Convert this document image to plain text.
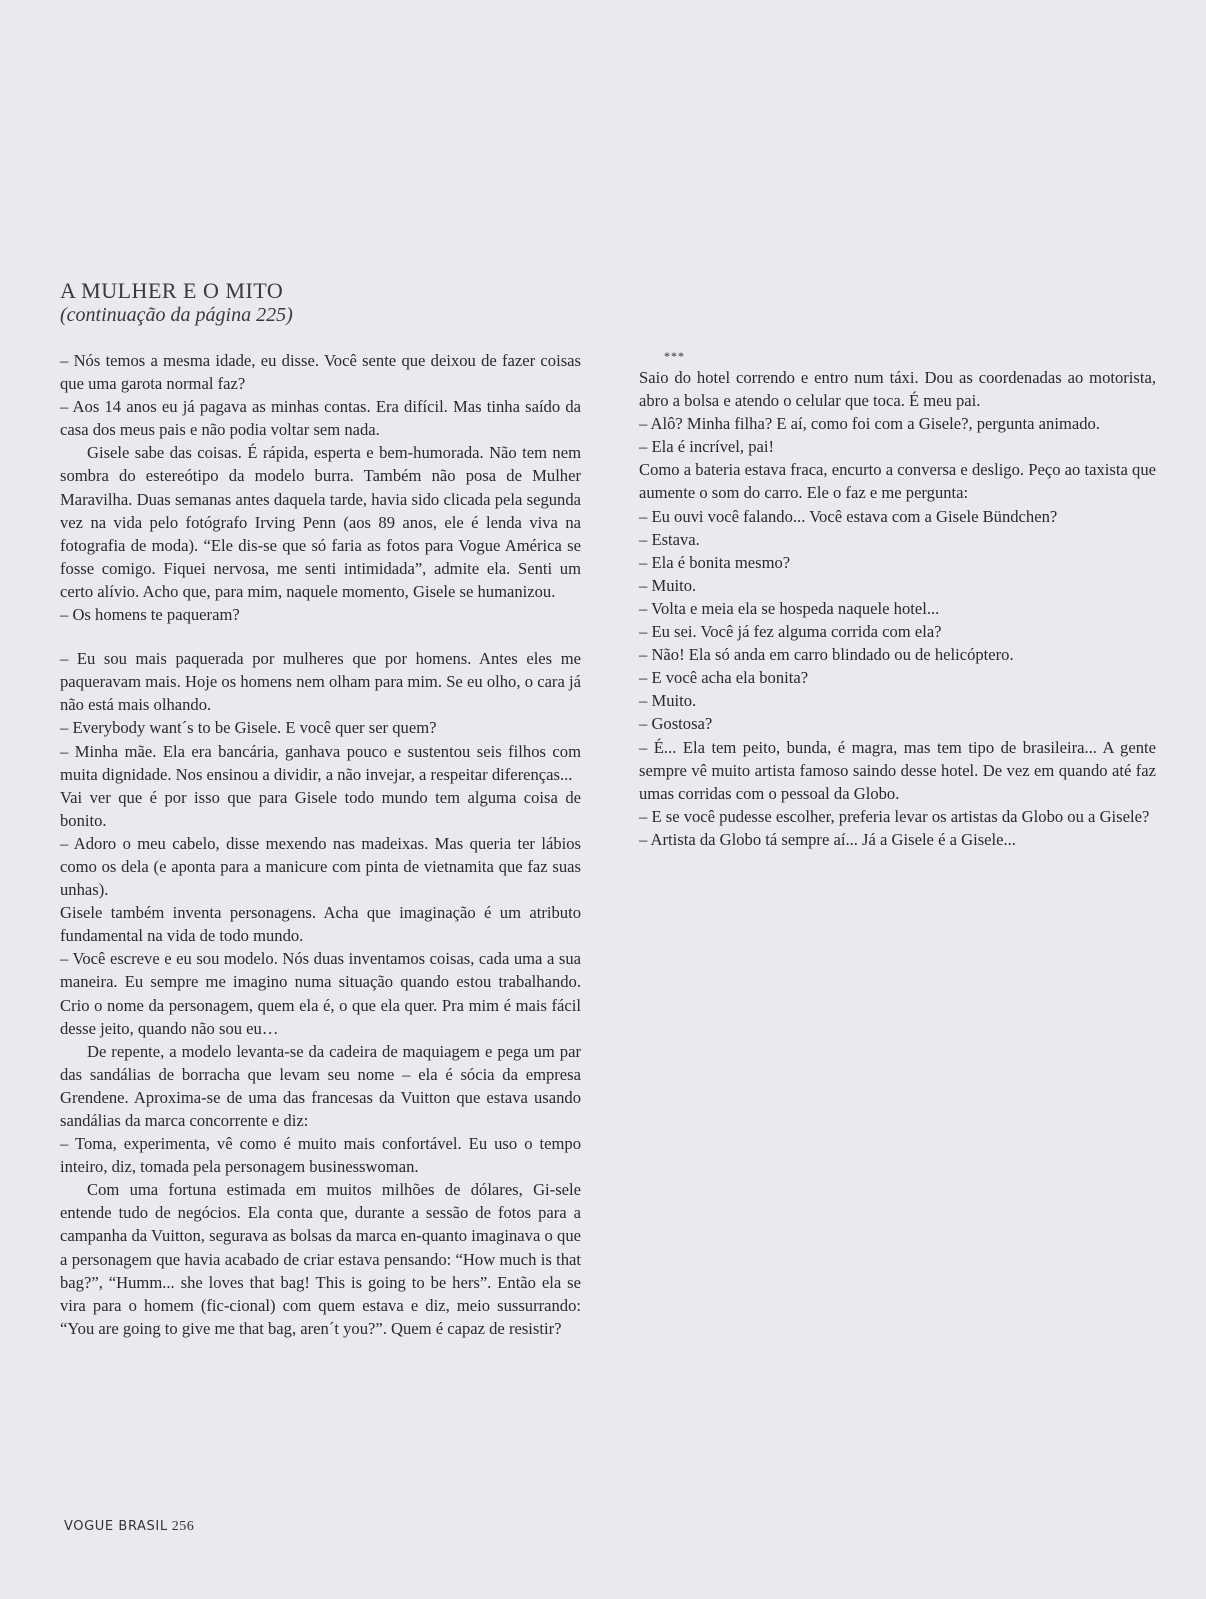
A MULHER E O MITO

(continuação da página 225)

– Nós temos a mesma idade, eu disse. Você sente que deixou de fazer coisas que uma garota normal faz?

– Aos 14 anos eu já pagava as minhas contas. Era difícil. Mas tinha saído da casa dos meus pais e não podia voltar sem nada.

Gisele sabe das coisas. É rápida, esperta e bem-humorada. Não tem nem sombra do estereótipo da modelo burra. Também não posa de Mulher Maravilha. Duas semanas antes daquela tarde, havia sido clicada pela segunda vez na vida pelo fotógrafo Irving Penn (aos 89 anos, ele é lenda viva na fotografia de moda). “Ele dis-se que só faria as fotos para Vogue América se fosse comigo. Fiquei nervosa, me senti intimidada”, admite ela. Senti um certo alívio. Acho que, para mim, naquele momento, Gisele se humanizou.

– Os homens te paqueram?

– Eu sou mais paquerada por mulheres que por homens. Antes eles me paqueravam mais. Hoje os homens nem olham para mim. Se eu olho, o cara já não está mais olhando.

– Everybody want´s to be Gisele. E você quer ser quem?

– Minha mãe. Ela era bancária, ganhava pouco e sustentou seis filhos com muita dignidade. Nos ensinou a dividir, a não invejar, a respeitar diferenças...

Vai ver que é por isso que para Gisele todo mundo tem alguma coisa de bonito.

– Adoro o meu cabelo, disse mexendo nas madeixas. Mas queria ter lábios como os dela (e aponta para a manicure com pinta de vietnamita que faz suas unhas).

Gisele também inventa personagens. Acha que imaginação é um atributo fundamental na vida de todo mundo.

– Você escreve e eu sou modelo. Nós duas inventamos coisas, cada uma a sua maneira. Eu sempre me imagino numa situação quando estou trabalhando. Crio o nome da personagem, quem ela é, o que ela quer. Pra mim é mais fácil desse jeito, quando não sou eu…

De repente, a modelo levanta-se da cadeira de maquiagem e pega um par das sandálias de borracha que levam seu nome – ela é sócia da empresa Grendene. Aproxima-se de uma das francesas da Vuitton que estava usando sandálias da marca concorrente e diz:

– Toma, experimenta, vê como é muito mais confortável. Eu uso o tempo inteiro, diz, tomada pela personagem businesswoman.

Com uma fortuna estimada em muitos milhões de dólares, Gi-sele entende tudo de negócios. Ela conta que, durante a sessão de fotos para a campanha da Vuitton, segurava as bolsas da marca en-quanto imaginava o que a personagem que havia acabado de criar estava pensando: “How much is that bag?”, “Humm... she loves that bag! This is going to be hers”. Então ela se vira para o homem (fic-cional) com quem estava e diz, meio sussurrando: “You are going to give me that bag, aren´t you?”. Quem é capaz de resistir?

***

Saio do hotel correndo e entro num táxi. Dou as coordenadas ao motorista, abro a bolsa e atendo o celular que toca. É meu pai.

– Alô? Minha filha? E aí, como foi com a Gisele?, pergunta animado.

– Ela é incrível, pai!

Como a bateria estava fraca, encurto a conversa e desligo. Peço ao taxista que aumente o som do carro. Ele o faz e me pergunta:

– Eu ouvi você falando... Você estava com a Gisele Bündchen?

– Estava.

– Ela é bonita mesmo?

– Muito.

– Volta e meia ela se hospeda naquele hotel...

– Eu sei. Você já fez alguma corrida com ela?

– Não! Ela só anda em carro blindado ou de helicóptero.

– E você acha ela bonita?

– Muito.

– Gostosa?

– É... Ela tem peito, bunda, é magra, mas tem tipo de brasileira... A gente sempre vê muito artista famoso saindo desse hotel. De vez em quando até faz umas corridas com o pessoal da Globo.

– E se você pudesse escolher, preferia levar os artistas da Globo ou a Gisele?

– Artista da Globo tá sempre aí... Já a Gisele é a Gisele...

VOGUE BRASIL 256
